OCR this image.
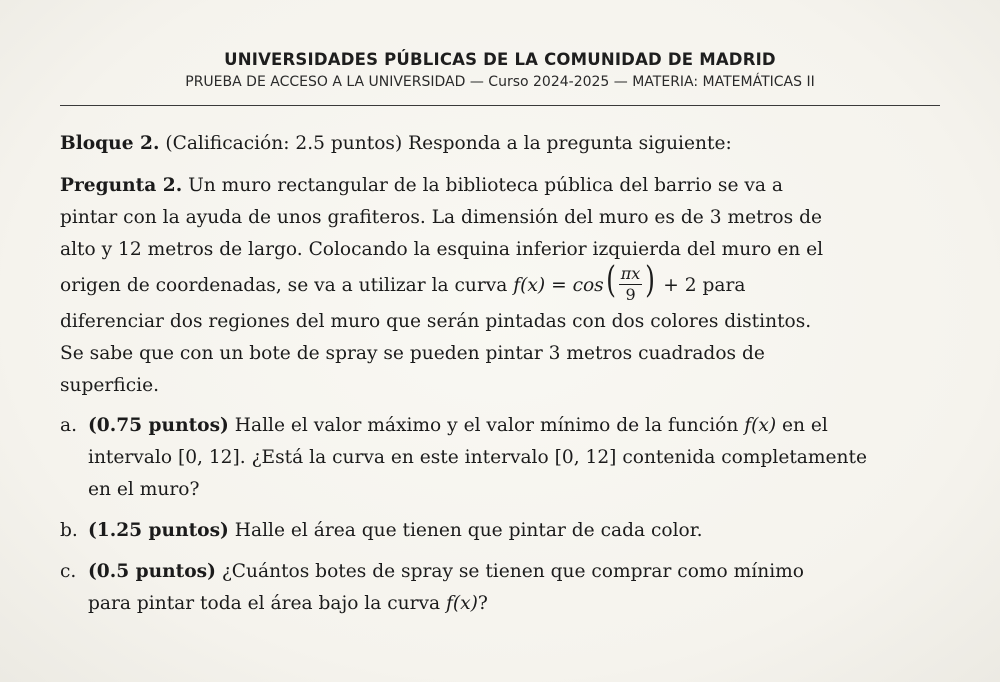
UNIVERSIDADES PÚBLICAS DE LA COMUNIDAD DE MADRID
PRUEBA DE ACCESO A LA UNIVERSIDAD — Curso 2024-2025 — MATERIA: MATEMÁTICAS II
Bloque 2. (Calificación: 2.5 puntos) Responda a la pregunta siguiente:
Pregunta 2. Un muro rectangular de la biblioteca pública del barrio se va a
pintar con la ayuda de unos grafiteros. La dimensión del muro es de 3 metros de
alto y 12 metros de largo. Colocando la esquina inferior izquierda del muro en el
origen de coordenadas, se va a utilizar la curva $f(x) = \cos( \frac{\pi x}{9}$ ) + 2 para
diferenciar dos regiones del muro que serán pintadas con dos colores distintos.
Se sabe que con un bote de spray se pueden pintar 3 metros cuadrados de
superficie.
a. (0.75 puntos) Halle el valor máximo y el valor mínimo de la función f(x) en el
intervalo [0, 12]. ¿Está la curva en este intervalo [0, 12] contenida completamente
en el muro?
b. (1.25 puntos) Halle el área que tienen que pintar de cada color.
c. (0.5 puntos) ¿Cuántos botes de spray se tienen que comprar como mínimo
para pintar toda el área bajo la curva f(x)?
